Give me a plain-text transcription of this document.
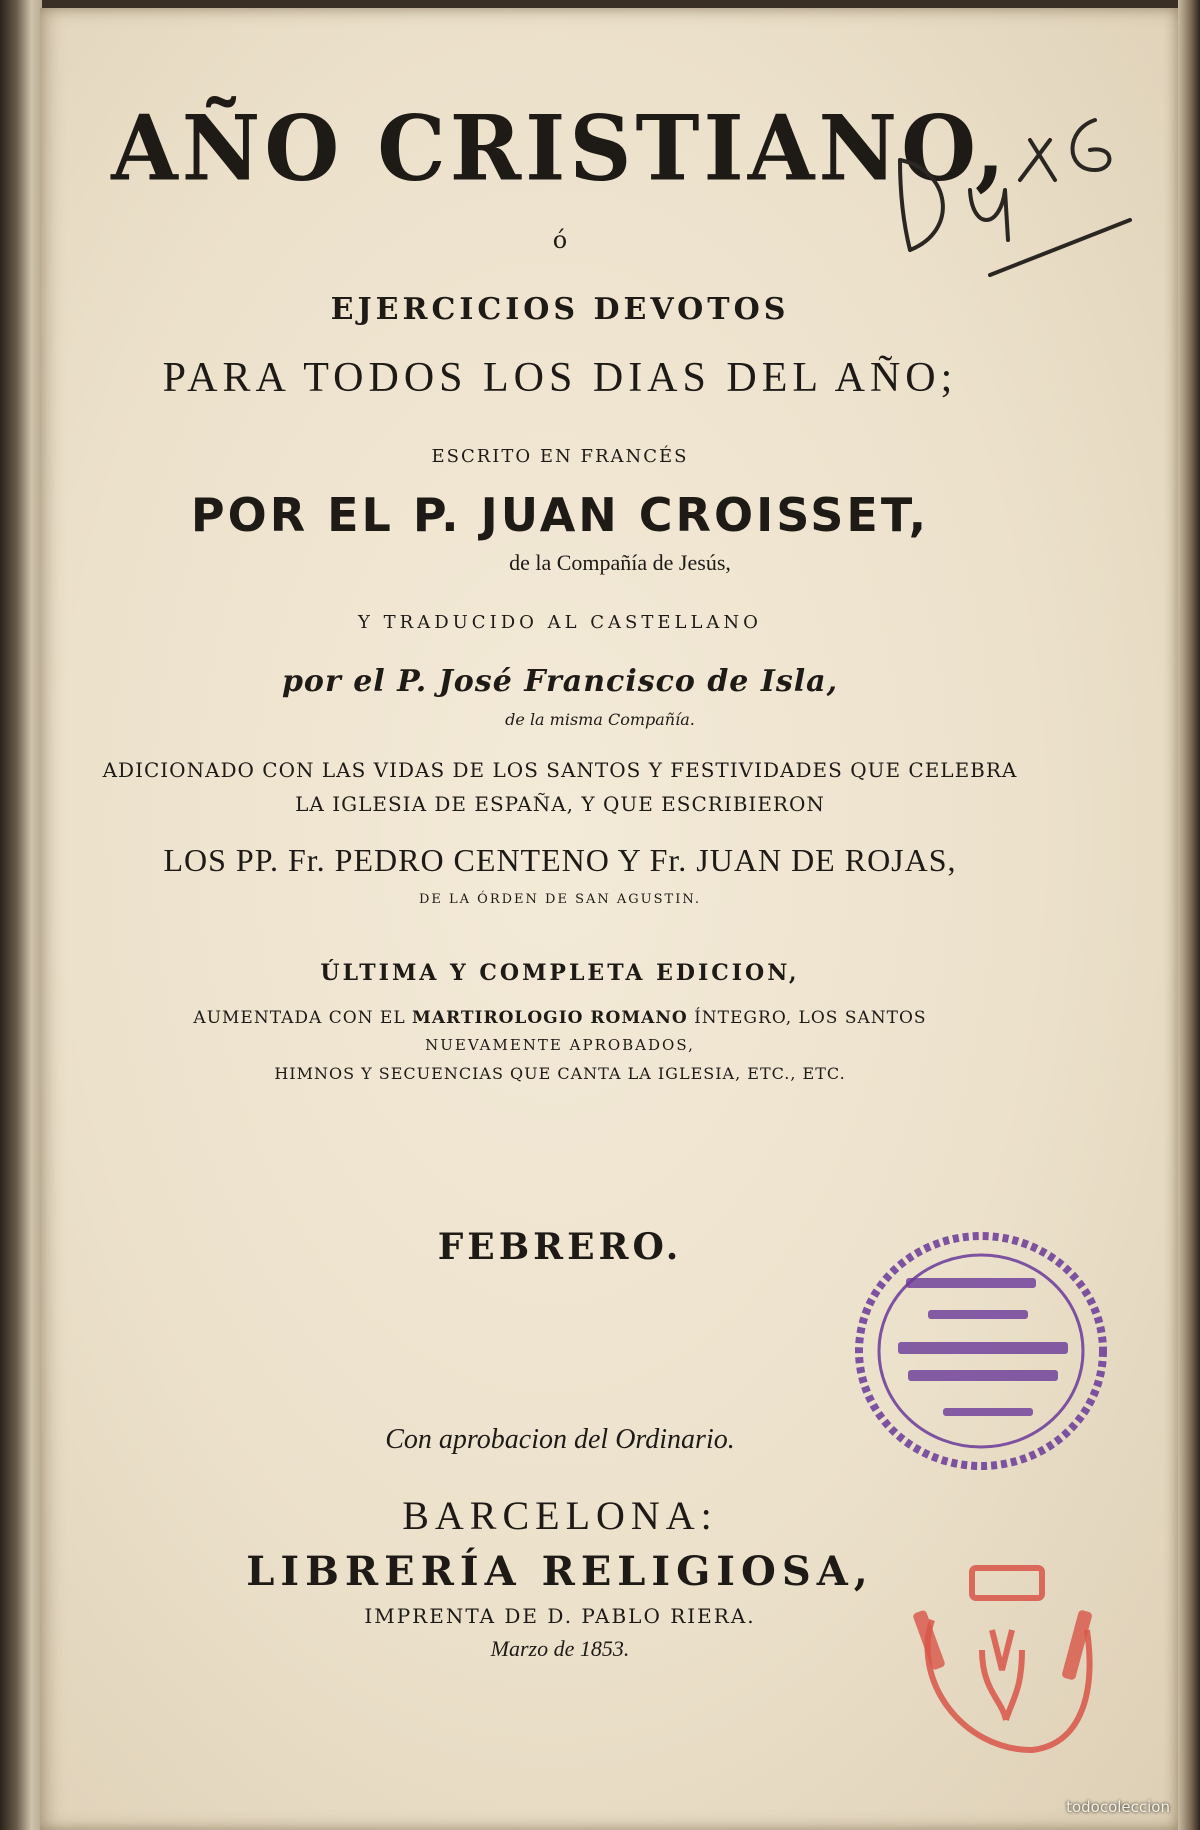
AÑO CRISTIANO,
ó
EJERCICIOS DEVOTOS
PARA TODOS LOS DIAS DEL AÑO;
ESCRITO EN FRANCÉS
POR EL P. JUAN CROISSET,
de la Compañía de Jesús,
Y TRADUCIDO AL CASTELLANO
por el P. José Francisco de Isla,
de la misma Compañía.
ADICIONADO CON LAS VIDAS DE LOS SANTOS Y FESTIVIDADES QUE CELEBRA
LA IGLESIA DE ESPAÑA, Y QUE ESCRIBIERON
LOS PP. Fr. PEDRO CENTENO Y Fr. JUAN DE ROJAS,
DE LA ÓRDEN DE SAN AGUSTIN.
ÚLTIMA Y COMPLETA EDICION,
AUMENTADA CON EL MARTIROLOGIO ROMANO ÍNTEGRO, LOS SANTOS
NUEVAMENTE APROBADOS,
HIMNOS Y SECUENCIAS QUE CANTA LA IGLESIA, ETC., ETC.
FEBRERO.
Con aprobacion del Ordinario.
BARCELONA:
LIBRERÍA RELIGIOSA,
IMPRENTA DE D. PABLO RIERA.
Marzo de 1853.
todocoleccion
